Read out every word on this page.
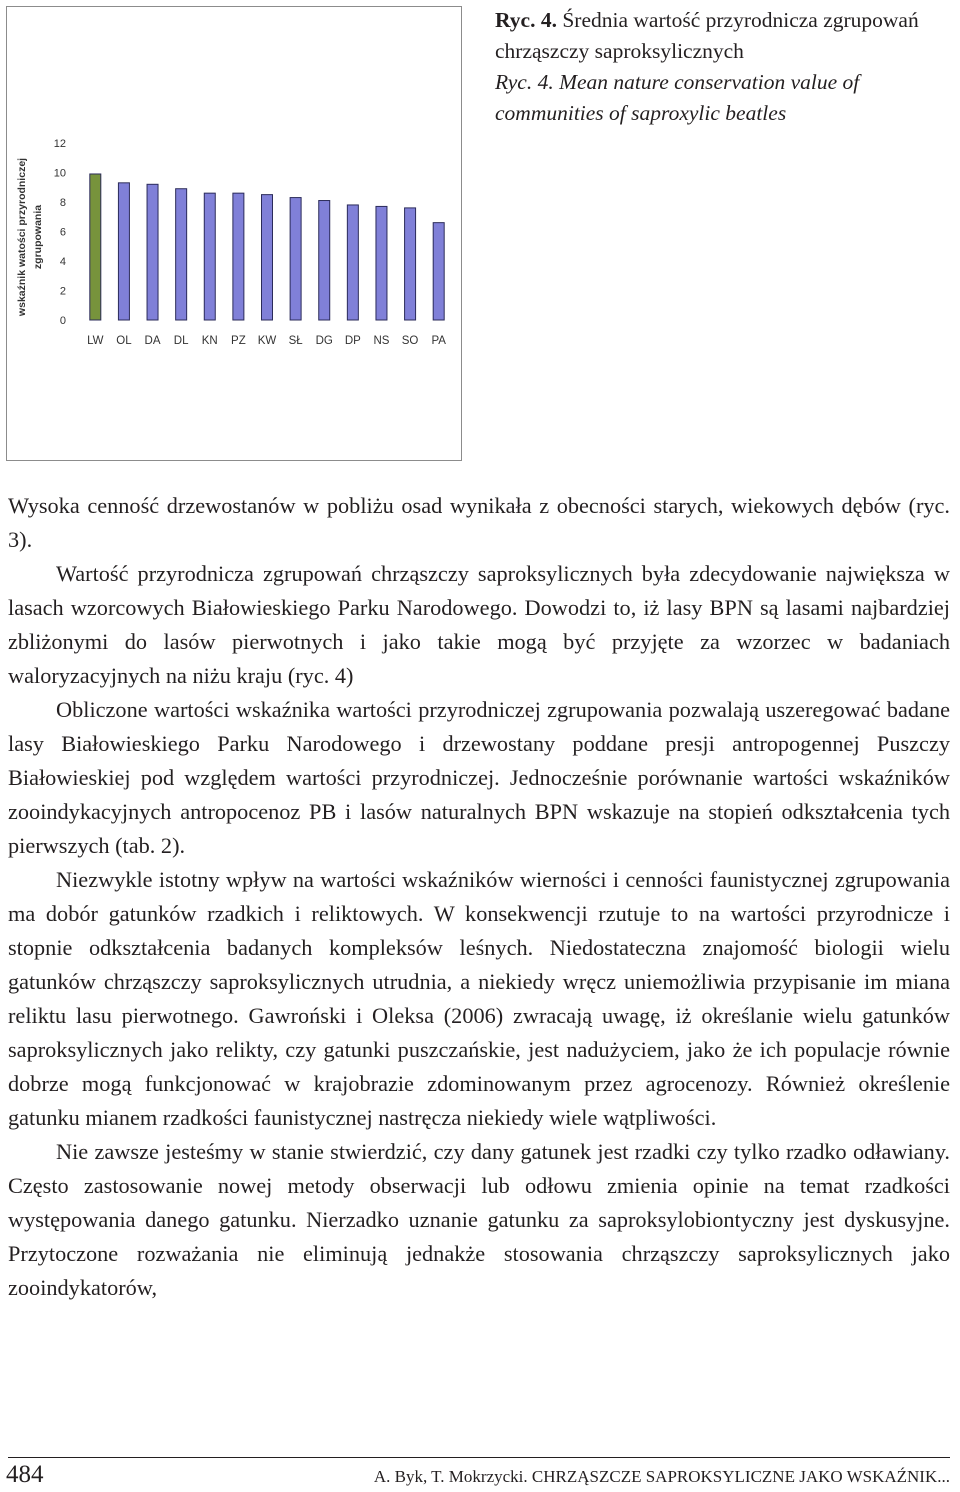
wskaźnik watości przyrodniczej zgrupowania
0
2
4
6
8
10
12
LW OL DA DL KN PZ KW SŁ DG DP NS SO PA
Ryc. 4. Średnia wartość przyrodnicza zgrupowań chrząszczy saproksylicznych
Ryc. 4. Mean nature conservation value of communities of saproxylic beatles

Wysoka cenność drzewostanów w pobliżu osad wynikała z obecności starych, wiekowych dębów (ryc. 3).

Wartość przyrodnicza zgrupowań chrząszczy saproksylicznych była zdecydowanie największa w lasach wzorcowych Białowieskiego Parku Narodowego. Dowodzi to, iż lasy BPN są lasami najbardziej zbliżonymi do lasów pierwotnych i jako takie mogą być przyjęte za wzorzec w badaniach waloryzacyjnych na niżu kraju (ryc. 4)

Obliczone wartości wskaźnika wartości przyrodniczej zgrupowania pozwalają uszeregować badane lasy Białowieskiego Parku Narodowego i drzewostany poddane presji antropogennej Puszczy Białowieskiej pod względem wartości przyrodniczej. Jednocześnie porównanie wartości wskaźników zooindykacyjnych antropocenoz PB i lasów naturalnych BPN wskazuje na stopień odkształcenia tych pierwszych (tab. 2).

Niezwykle istotny wpływ na wartości wskaźników wierności i cenności faunistycznej zgrupowania ma dobór gatunków rzadkich i reliktowych. W konsekwencji rzutuje to na wartości przyrodnicze i stopnie odkształcenia badanych kompleksów leśnych. Niedostateczna znajomość biologii wielu gatunków chrząszczy saproksylicznych utrudnia, a niekiedy wręcz uniemożliwia przypisanie im miana reliktu lasu pierwotnego. Gawroński i Oleksa (2006) zwracają uwagę, iż określanie wielu gatunków saproksylicznych jako relikty, czy gatunki puszczańskie, jest nadużyciem, jako że ich populacje równie dobrze mogą funkcjonować w krajobrazie zdominowanym przez agrocenozy. Również określenie gatunku mianem rzadkości faunistycznej nastręcza niekiedy wiele wątpliwości.

Nie zawsze jesteśmy w stanie stwierdzić, czy dany gatunek jest rzadki czy tylko rzadko odławiany. Często zastosowanie nowej metody obserwacji lub odłowu zmienia opinie na temat rzadkości występowania danego gatunku. Nierzadko uznanie gatunku za saproksylobiontyczny jest dyskusyjne. Przytoczone rozważania nie eliminują jednakże stosowania chrząszczy saproksylicznych jako zooindykatorów,

484	A. Byk, T. Mokrzycki. CHRZĄSZCZE SAPROKSYLICZNE JAKO WSKAŹNIK...
